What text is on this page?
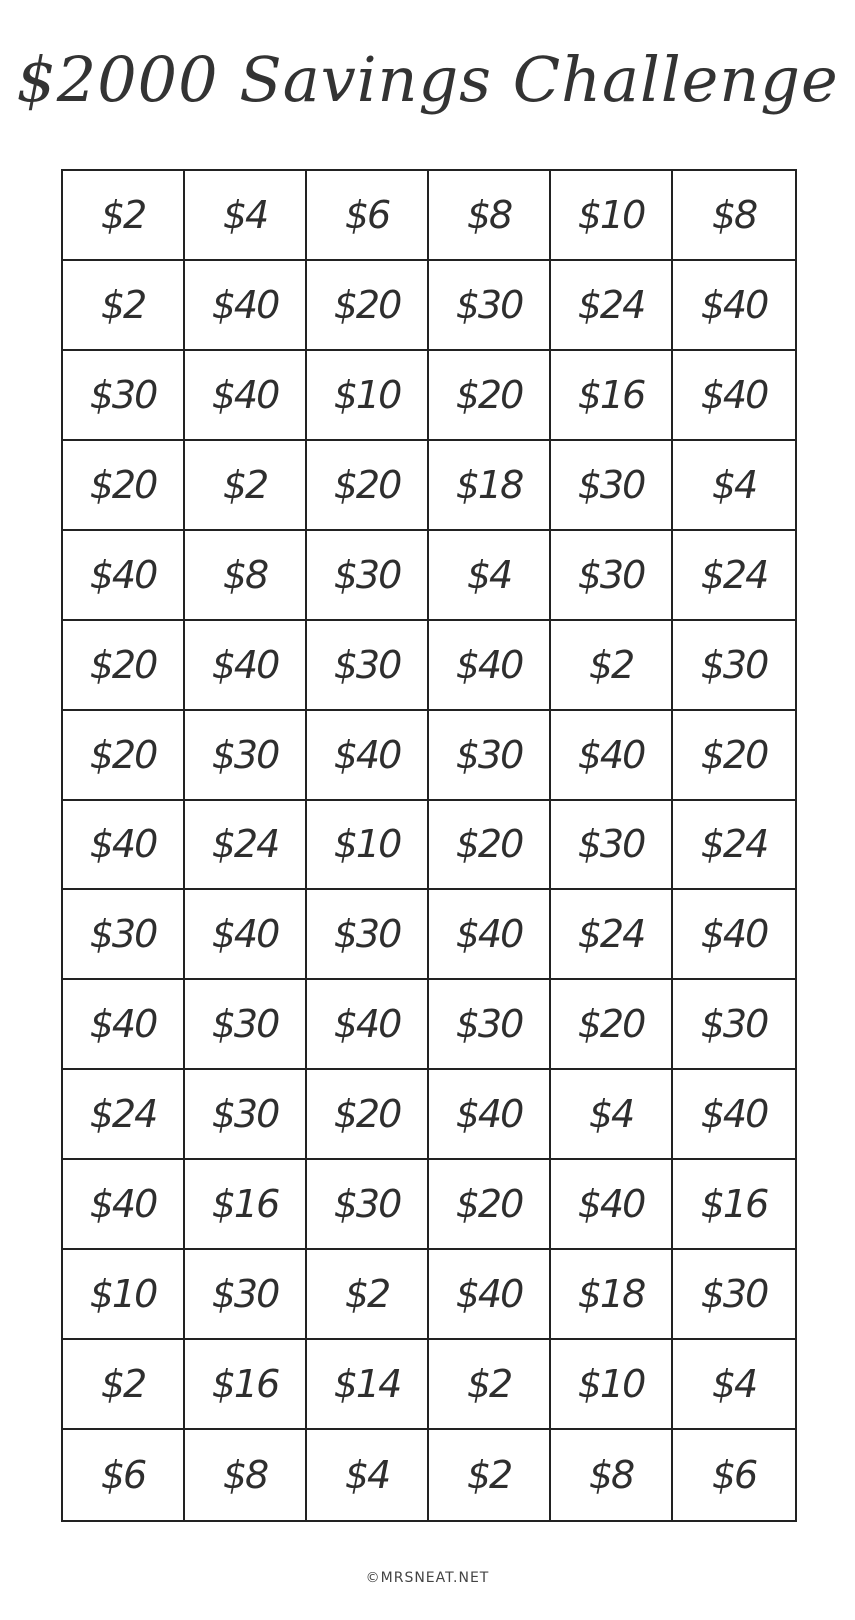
$2000 Savings Challenge
$2	$4	$6	$8	$10	$8
$2	$40	$20	$30	$24	$40
$30	$40	$10	$20	$16	$40
$20	$2	$20	$18	$30	$4
$40	$8	$30	$4	$30	$24
$20	$40	$30	$40	$2	$30
$20	$30	$40	$30	$40	$20
$40	$24	$10	$20	$30	$24
$30	$40	$30	$40	$24	$40
$40	$30	$40	$30	$20	$30
$24	$30	$20	$40	$4	$40
$40	$16	$30	$20	$40	$16
$10	$30	$2	$40	$18	$30
$2	$16	$14	$2	$10	$4
$6	$8	$4	$2	$8	$6
©MRSNEAT.NET
